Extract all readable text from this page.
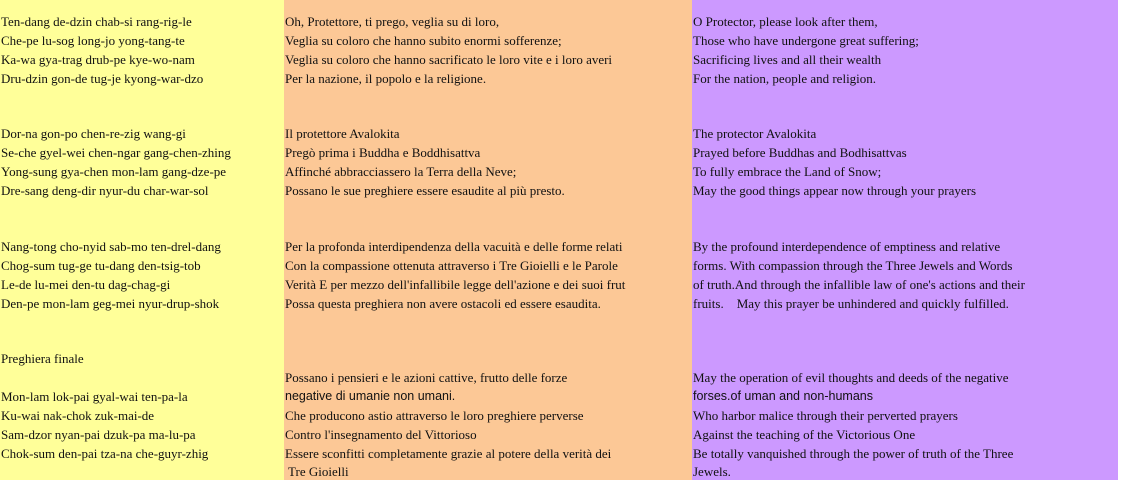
Ten-dang de-dzin chab-si rang-rig-le
Che-pe lu-sog long-jo yong-tang-te
Ka-wa gya-trag drub-pe kye-wo-nam
Dru-dzin gon-de tug-je kyong-war-dzo
Dor-na gon-po chen-re-zig wang-gi
Se-che gyel-wei chen-ngar gang-chen-zhing
Yong-sung gya-chen mon-lam gang-dze-pe
Dre-sang deng-dir nyur-du char-war-sol
Nang-tong cho-nyid sab-mo ten-drel-dang
Chog-sum tug-ge tu-dang den-tsig-tob
Le-de lu-mei den-tu dag-chag-gi
Den-pe mon-lam geg-mei nyur-drup-shok
Preghiera finale
Mon-lam lok-pai gyal-wai ten-pa-la
Ku-wai nak-chok zuk-mai-de
Sam-dzor nyan-pai dzuk-pa ma-lu-pa
Chok-sum den-pai tza-na che-guyr-zhig
Oh, Protettore, ti prego, veglia su di loro,
Veglia su coloro che hanno subito enormi sofferenze;
Veglia su coloro che hanno sacrificato le loro vite e i loro averi
Per la nazione, il popolo e la religione.
Il protettore Avalokita
Pregò prima i Buddha e Boddhisattva
Affinché abbracciassero la Terra della Neve;
Possano le sue preghiere essere esaudite al più presto.
Per la profonda interdipendenza della vacuità e delle forme relati
Con la compassione ottenuta attraverso i Tre Gioielli e le Parole
Verità E per mezzo dell'infallibile legge dell'azione e dei suoi frut
Possa questa preghiera non avere ostacoli ed essere esaudita.
Possano i pensieri e le azioni cattive, frutto delle forze
negative di umanie non umani.
Che producono astio attraverso le loro preghiere perverse
Contro l'insegnamento del Vittorioso
Essere sconfitti completamente grazie al potere della verità dei
Tre Gioielli
O Protector, please look after them,
Those who have undergone great suffering;
Sacrificing lives and all their wealth
For the nation, people and religion.
The protector Avalokita
Prayed before Buddhas and Bodhisattvas
To fully embrace the Land of Snow;
May the good things appear now through your prayers
By the profound interdependence of emptiness and relative
forms. With compassion through the Three Jewels and Words
of truth.And through the infallible law of one's actions and their
fruits.    May this prayer be unhindered and quickly fulfilled.
May the operation of evil thoughts and deeds of the negative
forses.of uman and non-humans
Who harbor malice through their perverted prayers
Against the teaching of the Victorious One
Be totally vanquished through the power of truth of the Three
Jewels.
